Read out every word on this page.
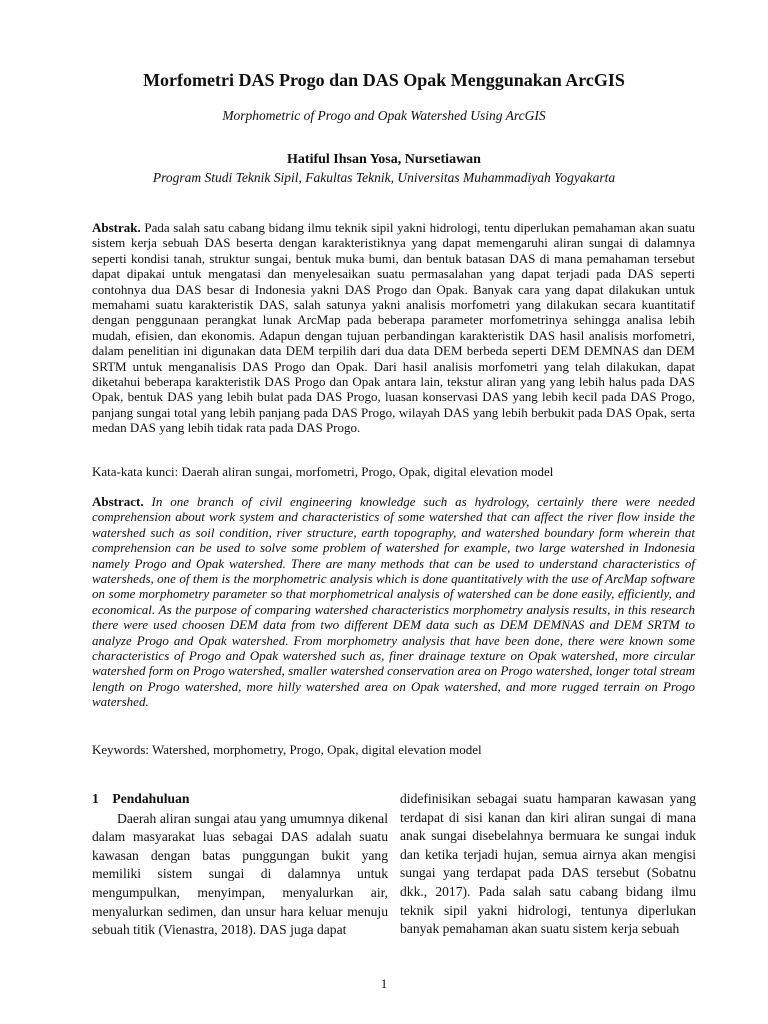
Morfometri DAS Progo dan DAS Opak Menggunakan ArcGIS
Morphometric of Progo and Opak Watershed Using ArcGIS
Hatiful Ihsan Yosa, Nursetiawan
Program Studi Teknik Sipil, Fakultas Teknik, Universitas Muhammadiyah Yogyakarta
Abstrak. Pada salah satu cabang bidang ilmu teknik sipil yakni hidrologi, tentu diperlukan pemahaman akan suatu sistem kerja sebuah DAS beserta dengan karakteristiknya yang dapat memengaruhi aliran sungai di dalamnya seperti kondisi tanah, struktur sungai, bentuk muka bumi, dan bentuk batasan DAS di mana pemahaman tersebut dapat dipakai untuk mengatasi dan menyelesaikan suatu permasalahan yang dapat terjadi pada DAS seperti contohnya dua DAS besar di Indonesia yakni DAS Progo dan Opak. Banyak cara yang dapat dilakukan untuk memahami suatu karakteristik DAS, salah satunya yakni analisis morfometri yang dilakukan secara kuantitatif dengan penggunaan perangkat lunak ArcMap pada beberapa parameter morfometrinya sehingga analisa lebih mudah, efisien, dan ekonomis. Adapun dengan tujuan perbandingan karakteristik DAS hasil analisis morfometri, dalam penelitian ini digunakan data DEM terpilih dari dua data DEM berbeda seperti DEM DEMNAS dan DEM SRTM untuk menganalisis DAS Progo dan Opak. Dari hasil analisis morfometri yang telah dilakukan, dapat diketahui beberapa karakteristik DAS Progo dan Opak antara lain, tekstur aliran yang yang lebih halus pada DAS Opak, bentuk DAS yang lebih bulat pada DAS Progo, luasan konservasi DAS yang lebih kecil pada DAS Progo, panjang sungai total yang lebih panjang pada DAS Progo, wilayah DAS yang lebih berbukit pada DAS Opak, serta medan DAS yang lebih tidak rata pada DAS Progo.
Kata-kata kunci: Daerah aliran sungai, morfometri, Progo, Opak, digital elevation model
Abstract. In one branch of civil engineering knowledge such as hydrology, certainly there were needed comprehension about work system and characteristics of some watershed that can affect the river flow inside the watershed such as soil condition, river structure, earth topography, and watershed boundary form wherein that comprehension can be used to solve some problem of watershed for example, two large watershed in Indonesia namely Progo and Opak watershed. There are many methods that can be used to understand characteristics of watersheds, one of them is the morphometric analysis which is done quantitatively with the use of ArcMap software on some morphometry parameter so that morphometrical analysis of watershed can be done easily, efficiently, and economical. As the purpose of comparing watershed characteristics morphometry analysis results, in this research there were used choosen DEM data from two different DEM data such as DEM DEMNAS and DEM SRTM to analyze Progo and Opak watershed. From morphometry analysis that have been done, there were known some characteristics of Progo and Opak watershed such as, finer drainage texture on Opak watershed, more circular watershed form on Progo watershed, smaller watershed conservation area on Progo watershed, longer total stream length on Progo watershed, more hilly watershed area on Opak watershed, and more rugged terrain on Progo watershed.
Keywords: Watershed, morphometry, Progo, Opak, digital elevation model
1 Pendahuluan

Daerah aliran sungai atau yang umumnya dikenal dalam masyarakat luas sebagai DAS adalah suatu kawasan dengan batas punggungan bukit yang memiliki sistem sungai di dalamnya untuk mengumpulkan, menyimpan, menyalurkan air, menyalurkan sedimen, dan unsur hara keluar menuju sebuah titik (Vienastra, 2018). DAS juga dapat

didefinisikan sebagai suatu hamparan kawasan yang terdapat di sisi kanan dan kiri aliran sungai di mana anak sungai disebelahnya bermuara ke sungai induk dan ketika terjadi hujan, semua airnya akan mengisi sungai yang terdapat pada DAS tersebut (Sobatnu dkk., 2017). Pada salah satu cabang bidang ilmu teknik sipil yakni hidrologi, tentunya diperlukan banyak pemahaman akan suatu sistem kerja sebuah

1
